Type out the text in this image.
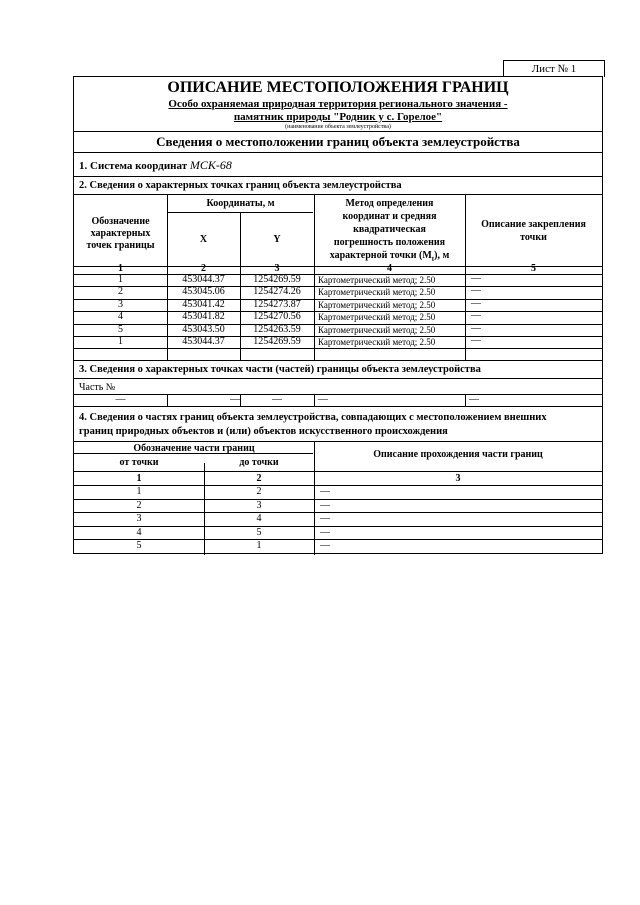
Лист № 1
ОПИСАНИЕ МЕСТОПОЛОЖЕНИЯ ГРАНИЦ
Особо охраняемая природная территория регионального значения -
памятник природы "Родник у с. Горелое"
(наименование объекта землеустройства)
Сведения о местоположении границ объекта землеустройства
1. Система координат МСК-68
2. Сведения о характерных точках границ объекта землеустройства
Обозначение
характерных
точек границы
Координаты, м
X	Y
Метод определения
координат и средняя
квадратическая
погрешность положения
характерной точки $(M_t)$, м
Описание закрепления
точки
1	2	3	4	5
1	453044.37	1254269.59	Картометрический метод; 2.50	—
2	453045.06	1254274.26	Картометрический метод; 2.50	—
3	453041.42	1254273.87	Картометрический метод; 2.50	—
4	453041.82	1254270.56	Картометрический метод; 2.50	—
5	453043.50	1254263.59	Картометрический метод; 2.50	—
1	453044.37	1254269.59	Картометрический метод; 2.50	—
3. Сведения о характерных точках части (частей) границы объекта землеустройства
Часть №
—	—	—	—	—
4. Сведения о частях границ объекта землеустройства, совпадающих с местоположением внешних
границ природных объектов и (или) объектов искусственного происхождения
Обозначение части границ
от точки	до точки
Описание прохождения части границ
1	2	3
1	2	—
2	3	—
3	4	—
4	5	—
5	1	—
